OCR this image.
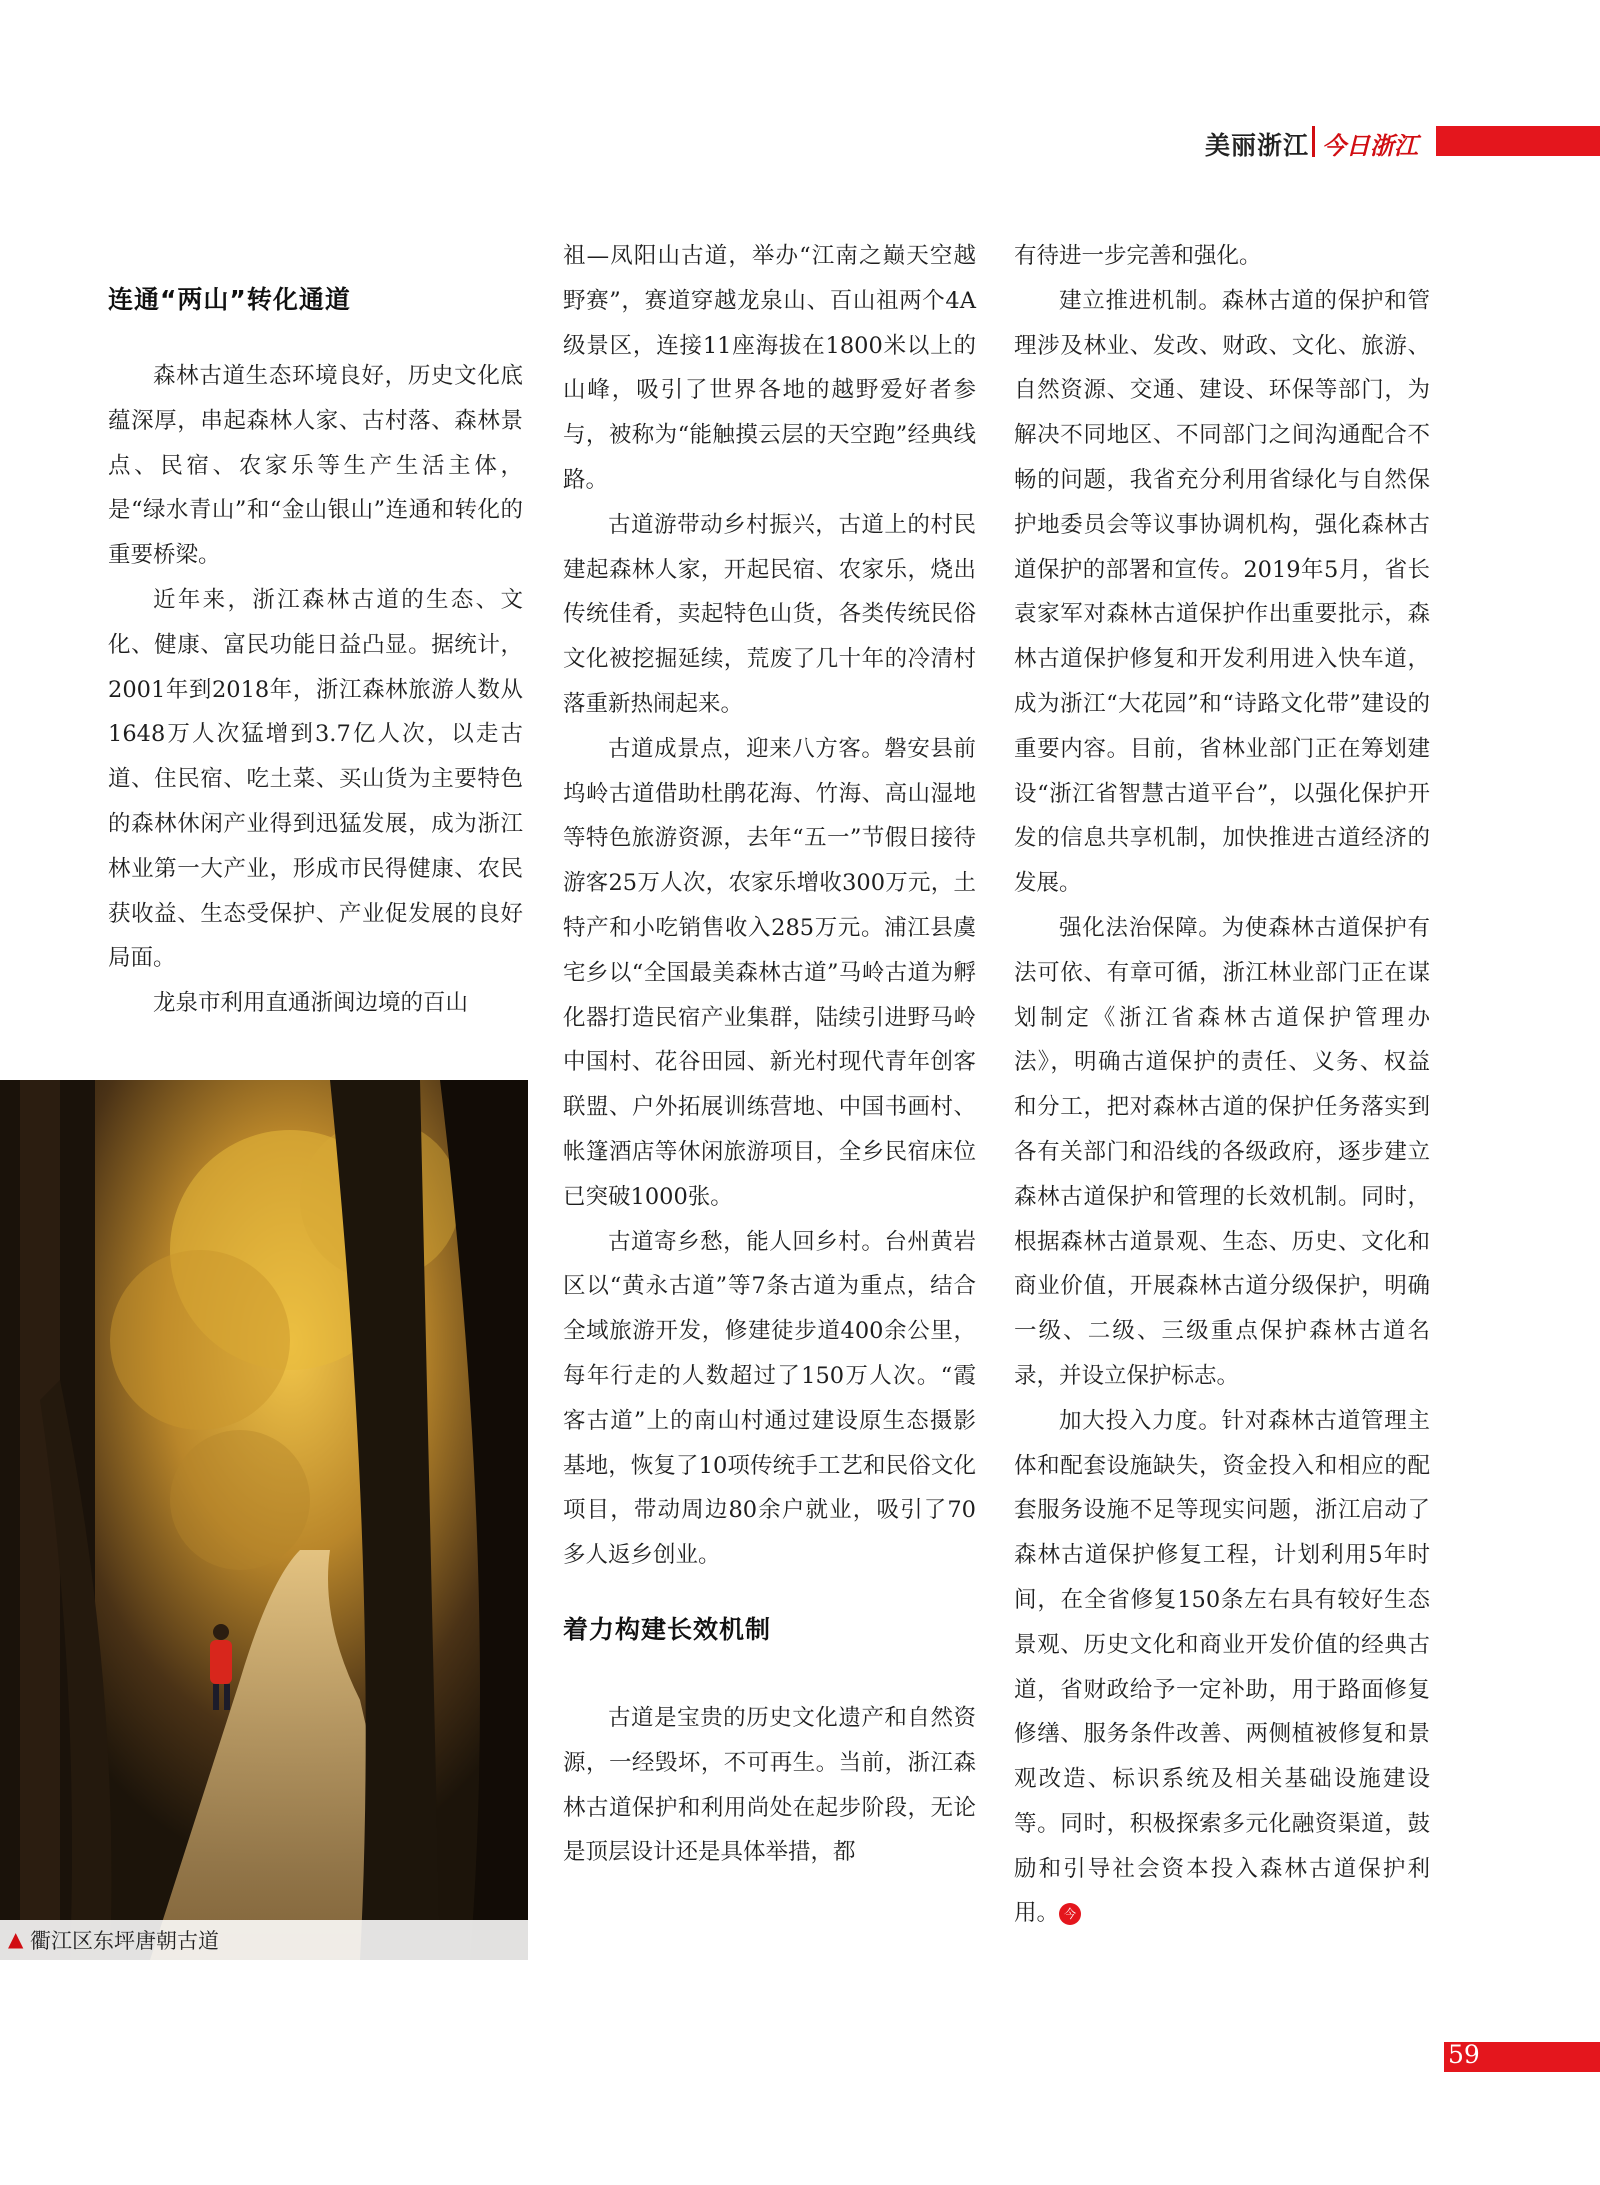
美丽浙江 今日浙江
连通“两山”转化通道

森林古道生态环境良好，历史文化底蕴深厚，串起森林人家、古村落、森林景点、民宿、农家乐等生产生活主体，是“绿水青山”和“金山银山”连通和转化的重要桥梁。

近年来，浙江森林古道的生态、文化、健康、富民功能日益凸显。据统计，2001年到2018年，浙江森林旅游人数从1648万人次猛增到3.7亿人次，以走古道、住民宿、吃土菜、买山货为主要特色的森林休闲产业得到迅猛发展，成为浙江林业第一大产业，形成市民得健康、农民获收益、生态受保护、产业促发展的良好局面。

龙泉市利用直通浙闽边境的百山

▲ 衢江区东坪唐朝古道

祖—凤阳山古道，举办“江南之巅天空越野赛”，赛道穿越龙泉山、百山祖两个4A级景区，连接11座海拔在1800米以上的山峰，吸引了世界各地的越野爱好者参与，被称为“能触摸云层的天空跑”经典线路。

古道游带动乡村振兴，古道上的村民建起森林人家，开起民宿、农家乐，烧出传统佳肴，卖起特色山货，各类传统民俗文化被挖掘延续，荒废了几十年的冷清村落重新热闹起来。

古道成景点，迎来八方客。磐安县前坞岭古道借助杜鹃花海、竹海、高山湿地等特色旅游资源，去年“五一”节假日接待游客25万人次，农家乐增收300万元，土特产和小吃销售收入285万元。浦江县虞宅乡以“全国最美森林古道”马岭古道为孵化器打造民宿产业集群，陆续引进野马岭中国村、花谷田园、新光村现代青年创客联盟、户外拓展训练营地、中国书画村、帐篷酒店等休闲旅游项目，全乡民宿床位已突破1000张。

古道寄乡愁，能人回乡村。台州黄岩区以“黄永古道”等7条古道为重点，结合全域旅游开发，修建徒步道400余公里，每年行走的人数超过了150万人次。“霞客古道”上的南山村通过建设原生态摄影基地，恢复了10项传统手工艺和民俗文化项目，带动周边80余户就业，吸引了70多人返乡创业。

着力构建长效机制

古道是宝贵的历史文化遗产和自然资源，一经毁坏，不可再生。当前，浙江森林古道保护和利用尚处在起步阶段，无论是顶层设计还是具体举措，都

有待进一步完善和强化。

建立推进机制。森林古道的保护和管理涉及林业、发改、财政、文化、旅游、自然资源、交通、建设、环保等部门，为解决不同地区、不同部门之间沟通配合不畅的问题，我省充分利用省绿化与自然保护地委员会等议事协调机构，强化森林古道保护的部署和宣传。2019年5月，省长袁家军对森林古道保护作出重要批示，森林古道保护修复和开发利用进入快车道，成为浙江“大花园”和“诗路文化带”建设的重要内容。目前，省林业部门正在筹划建设“浙江省智慧古道平台”，以强化保护开发的信息共享机制，加快推进古道经济的发展。

强化法治保障。为使森林古道保护有法可依、有章可循，浙江林业部门正在谋划制定《浙江省森林古道保护管理办法》，明确古道保护的责任、义务、权益和分工，把对森林古道的保护任务落实到各有关部门和沿线的各级政府，逐步建立森林古道保护和管理的长效机制。同时，根据森林古道景观、生态、历史、文化和商业价值，开展森林古道分级保护，明确一级、二级、三级重点保护森林古道名录，并设立保护标志。

加大投入力度。针对森林古道管理主体和配套设施缺失，资金投入和相应的配套服务设施不足等现实问题，浙江启动了森林古道保护修复工程，计划利用5年时间，在全省修复150条左右具有较好生态景观、历史文化和商业开发价值的经典古道，省财政给予一定补助，用于路面修复修缮、服务条件改善、两侧植被修复和景观改造、标识系统及相关基础设施建设等。同时，积极探索多元化融资渠道，鼓励和引导社会资本投入森林古道保护利用。 今

59
